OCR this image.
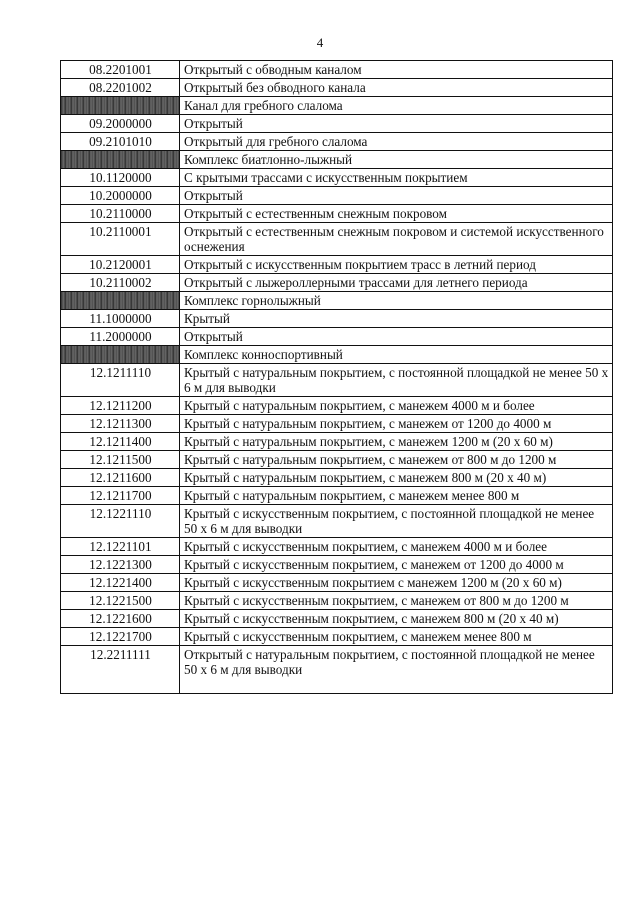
4
08.2201001	Открытый с обводным каналом
08.2201002	Открытый без обводного канала
	Канал для гребного слалома
09.2000000	Открытый
09.2101010	Открытый для гребного слалома
	Комплекс биатлонно-лыжный
10.1120000	С крытыми трассами с искусственным покрытием
10.2000000	Открытый
10.2110000	Открытый с естественным снежным покровом
10.2110001	Открытый с естественным снежным покровом и системой искусственного оснежения
10.2120001	Открытый с искусственным покрытием трасс в летний период
10.2110002	Открытый с лыжероллерными трассами для летнего периода
	Комплекс горнолыжный
11.1000000	Крытый
11.2000000	Открытый
	Комплекс конноспортивный
12.1211110	Крытый с натуральным покрытием, с постоянной площадкой не менее 50 х 6 м для выводки
12.1211200	Крытый с натуральным покрытием, с манежем 4000 м и более
12.1211300	Крытый с натуральным покрытием, с манежем от 1200 до 4000 м
12.1211400	Крытый с натуральным покрытием, с манежем 1200 м (20 х 60 м)
12.1211500	Крытый с натуральным покрытием, с манежем от 800 м до 1200 м
12.1211600	Крытый с натуральным покрытием, с манежем 800 м (20 х 40 м)
12.1211700	Крытый с натуральным покрытием, с манежем менее 800 м
12.1221110	Крытый с искусственным покрытием, с постоянной площадкой не менее 50 х 6 м для выводки
12.1221101	Крытый с искусственным покрытием, с манежем 4000 м и более
12.1221300	Крытый с искусственным покрытием, с манежем от 1200 до 4000 м
12.1221400	Крытый с искусственным покрытием с манежем 1200 м (20 х 60 м)
12.1221500	Крытый с искусственным покрытием, с манежем от 800 м до 1200 м
12.1221600	Крытый с искусственным покрытием, с манежем 800 м (20 х 40 м)
12.1221700	Крытый с искусственным покрытием, с манежем менее 800 м
12.2211111	Открытый с натуральным покрытием, с постоянной площадкой не менее 50 х 6 м для выводки
